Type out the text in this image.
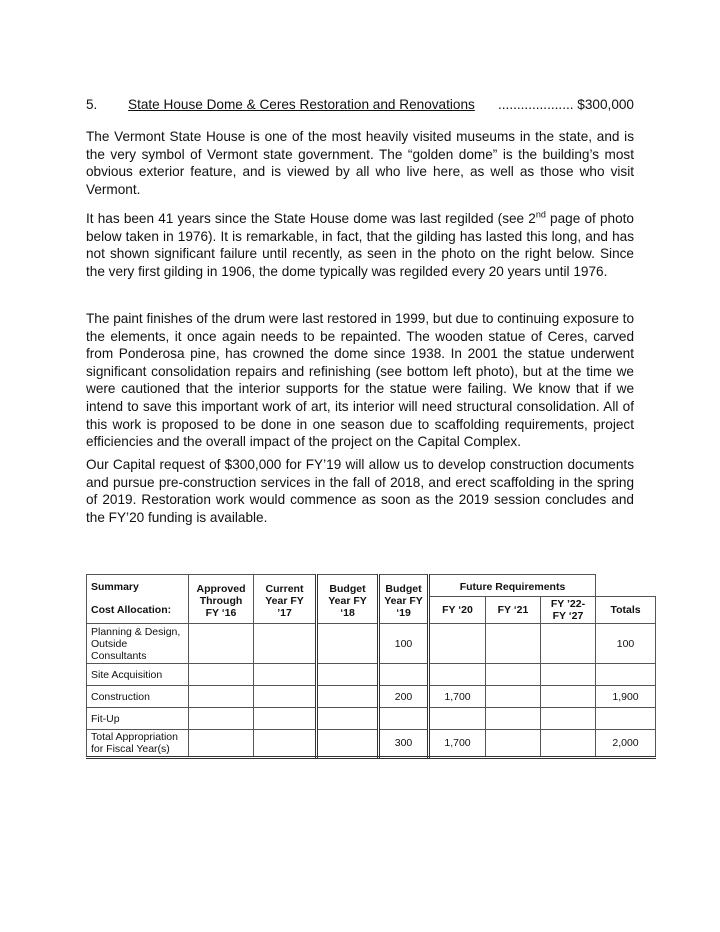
5. State House Dome & Ceres Restoration and Renovations .................... $300,000

The Vermont State House is one of the most heavily visited museums in the state, and is the very symbol of Vermont state government. The “golden dome” is the building’s most obvious exterior feature, and is viewed by all who live here, as well as those who visit Vermont.

It has been 41 years since the State House dome was last regilded (see 2nd page of photo below taken in 1976). It is remarkable, in fact, that the gilding has lasted this long, and has not shown significant failure until recently, as seen in the photo on the right below. Since the very first gilding in 1906, the dome typically was regilded every 20 years until 1976.

The paint finishes of the drum were last restored in 1999, but due to continuing exposure to the elements, it once again needs to be repainted. The wooden statue of Ceres, carved from Ponderosa pine, has crowned the dome since 1938. In 2001 the statue underwent significant consolidation repairs and refinishing (see bottom left photo), but at the time we were cautioned that the interior supports for the statue were failing. We know that if we intend to save this important work of art, its interior will need structural consolidation. All of this work is proposed to be done in one season due to scaffolding requirements, project efficiencies and the overall impact of the project on the Capital Complex.

Our Capital request of $300,000 for FY’19 will allow us to develop construction documents and pursue pre-construction services in the fall of 2018, and erect scaffolding in the spring of 2019. Restoration work would commence as soon as the 2019 session concludes and the FY’20 funding is available.

Summary	Approved Through FY ‘16	Current Year FY ’17	Budget Year FY ‘18	Budget Year FY ‘19	Future Requirements			
Cost Allocation:					FY ‘20	FY ‘21	FY ’22- FY ‘27	Totals
Planning & Design, Outside Consultants				100				100
Site Acquisition								
Construction				200	1,700			1,900
Fit-Up								
Total Appropriation for Fiscal Year(s)				300	1,700			2,000
